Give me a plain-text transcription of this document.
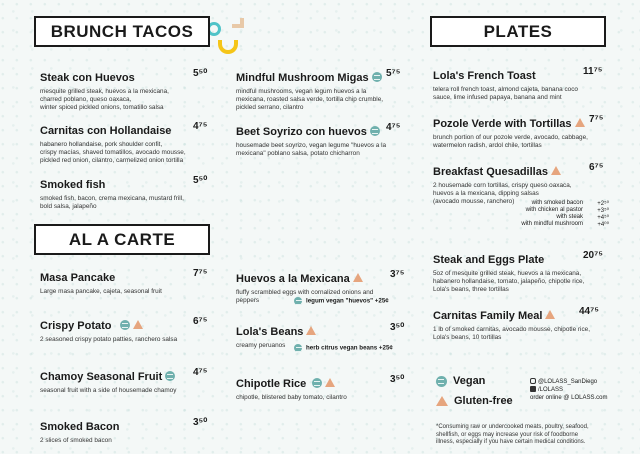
BRUNCH TACOS
AL A CARTE
PLATES
Steak con Huevos	5⁵⁰
mesquite grilled steak, huevos a la mexicana,
charred poblano, queso oaxaca,
winter spiced pickled onions, tomatillo salsa
Carnitas con Hollandaise 4⁷⁵
habanero hollandaise, pork shoulder confit,
crispy macías, shaved tomatillos, avocado mousse,
pickled red onion, cilantro, carmelized onion tortilla
Smoked fish	5⁵⁰
smoked fish, bacon, crema mexicana, mustard frill,
bold salsa, jalapeño
Mindful Mushroom Migas 5⁷⁵
mindful mushrooms, vegan legum huevos a la
mexicana, roasted salsa verde, tortilla chip crumble,
pickled serrano, cilantro
Beet Soyrizo con huevos 4⁷⁵
housemade beet soyrizo, vegan legume "huevos a la
mexicana" poblano salsa, potato chicharron
Masa Pancake	7⁷⁵
Large masa pancake, cajeta, seasonal fruit
Crispy Potato	6⁷⁵
2 seasoned crispy potato patties, ranchero salsa
Chamoy Seasonal Fruit	4⁷⁵
seasonal fruit with a side of housemade chamoy
Smoked Bacon	3⁵⁰
2 slices of smoked bacon
Huevos a la Mexicana	3⁷⁵
fluffy scrambled eggs with cornalized onions and
peppers	legum vegan "huevos" +25¢
Lola's Beans	3⁵⁰
creamy peruanos	herb citrus vegan beans +25¢
Chipotle Rice	3⁵⁰
chipotle, blistered baby tomato, cilantro
Lola's French Toast	11⁷⁵
telera roll french toast, almond cajeta, banana coco
sauce, lime infused papaya, banana and mint
Pozole Verde with Tortillas 7⁷⁵
brunch portion of our pozole verde, avocado, cabbage,
watermelon radish, ardol chile, tortillas
Breakfast Quesadillas	6⁷⁵
2 housemade corn tortillas, crispy queso oaxaca,
huevos a la mexicana, dipping salsas
(avocado mousse, ranchero)	with smoked bacon +2⁵⁰
with chicken al pastor +3⁵⁰
with steak +4⁵⁰
with mindful mushroom +4⁰⁰
Steak and Eggs Plate	20⁷⁵
5oz of mesquite grilled steak, huevos a la mexicana,
habanero hollandaise, tomato, jalapeño, chipotle rice,
Lola's beans, three tortillas
Carnitas Family Meal	44⁷⁵
1 lb of smoked carnitas, avocado mousse, chipotle rice,
Lola's beans, 10 tortillas
Vegan
Gluten-free
@LOLASS_SanDiego
/LOLASS
order online @ LOLASS.com
*Consuming raw or undercooked meats, poultry, seafood,
shellfish, or eggs may increase your risk of foodborne
illness, especially if you have certain medical conditions.
